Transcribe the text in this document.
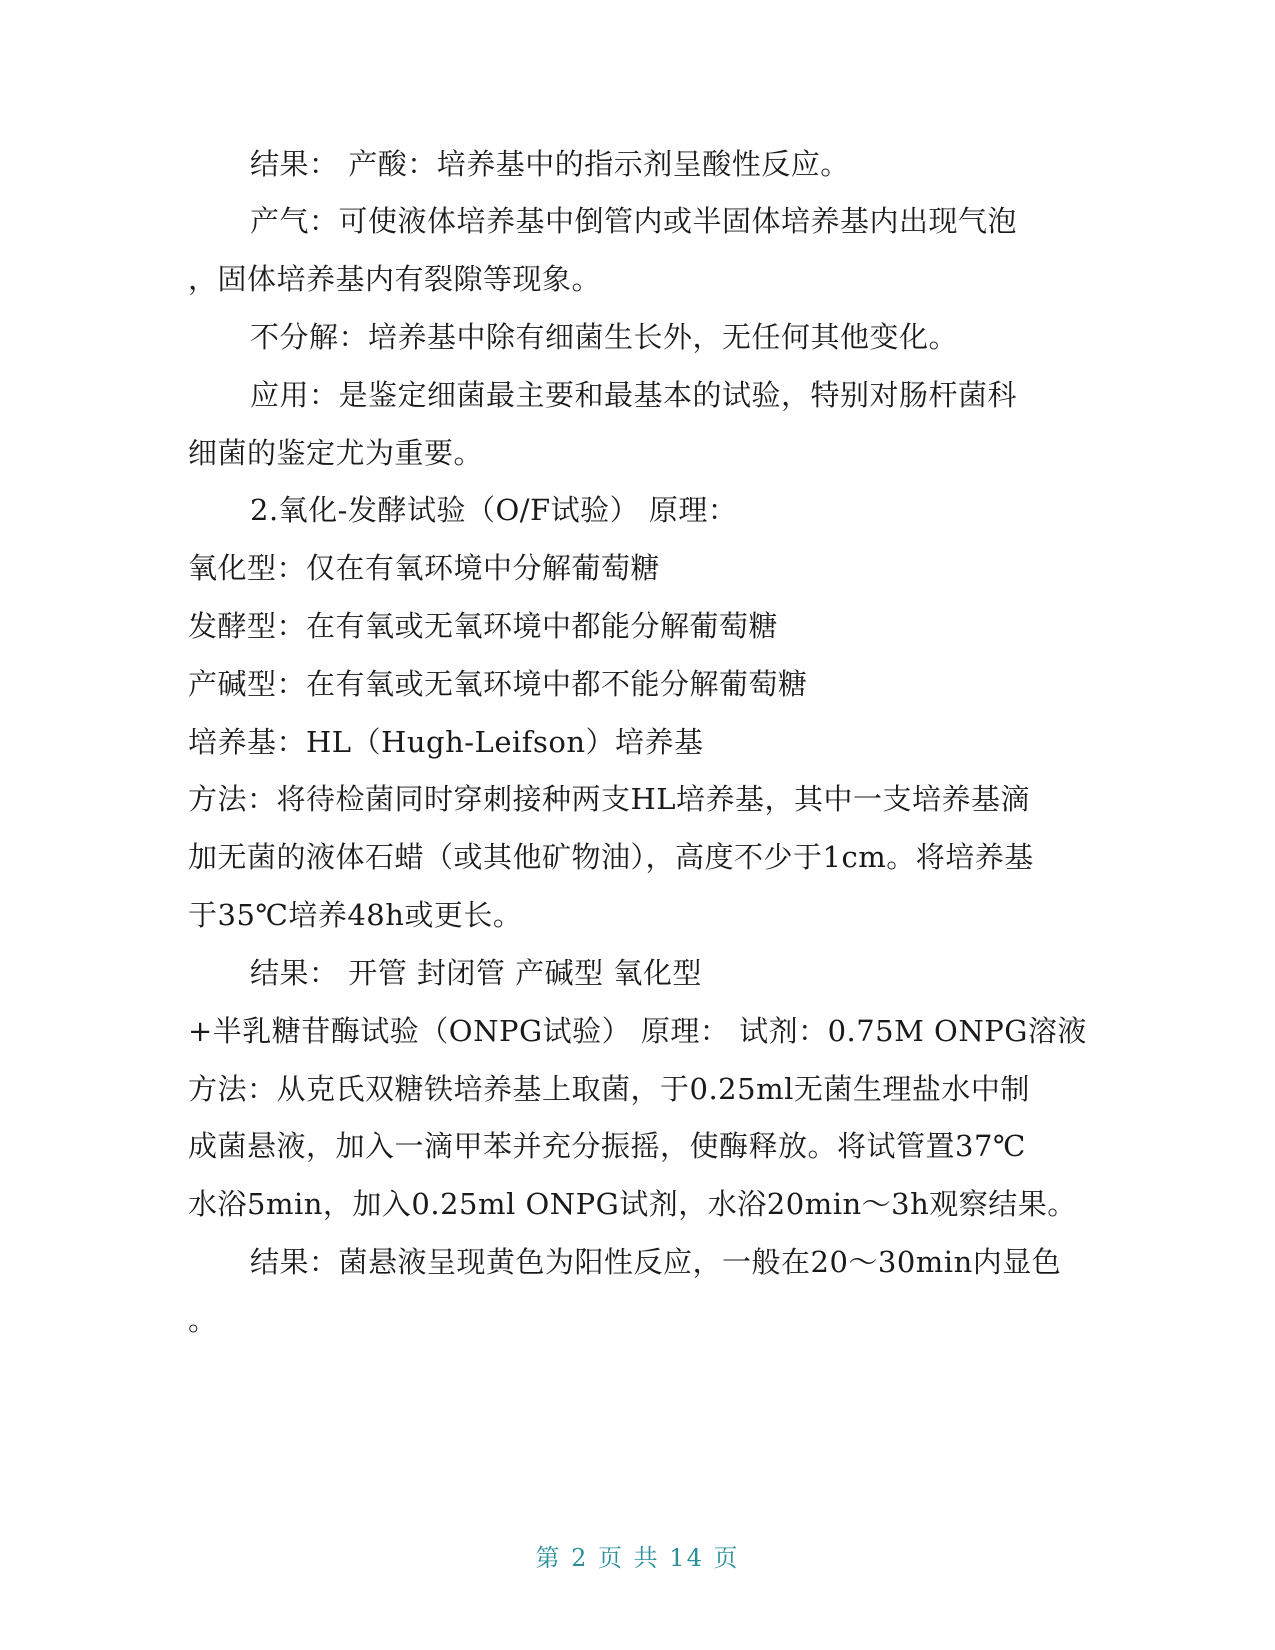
结果： 产酸：培养基中的指示剂呈酸性反应。
产气：可使液体培养基中倒管内或半固体培养基内出现气泡
，固体培养基内有裂隙等现象。
不分解：培养基中除有细菌生长外，无任何其他变化。
应用：是鉴定细菌最主要和最基本的试验，特别对肠杆菌科
细菌的鉴定尤为重要。
2.氧化-发酵试验（O/F试验） 原理：
氧化型：仅在有氧环境中分解葡萄糖
发酵型：在有氧或无氧环境中都能分解葡萄糖
产碱型：在有氧或无氧环境中都不能分解葡萄糖
培养基：HL（Hugh-Leifson）培养基
方法：将待检菌同时穿刺接种两支HL培养基，其中一支培养基滴
加无菌的液体石蜡（或其他矿物油），高度不少于1cm。将培养基
于35℃培养48h或更长。
结果： 开管 封闭管 产碱型 氧化型
+半乳糖苷酶试验（ONPG试验） 原理： 试剂：0.75M ONPG溶液
方法：从克氏双糖铁培养基上取菌，于0.25ml无菌生理盐水中制
成菌悬液，加入一滴甲苯并充分振摇，使酶释放。将试管置37℃
水浴5min，加入0.25ml ONPG试剂，水浴20min～3h观察结果。
结果：菌悬液呈现黄色为阳性反应，一般在20～30min内显色
。
第 2 页 共 14 页
